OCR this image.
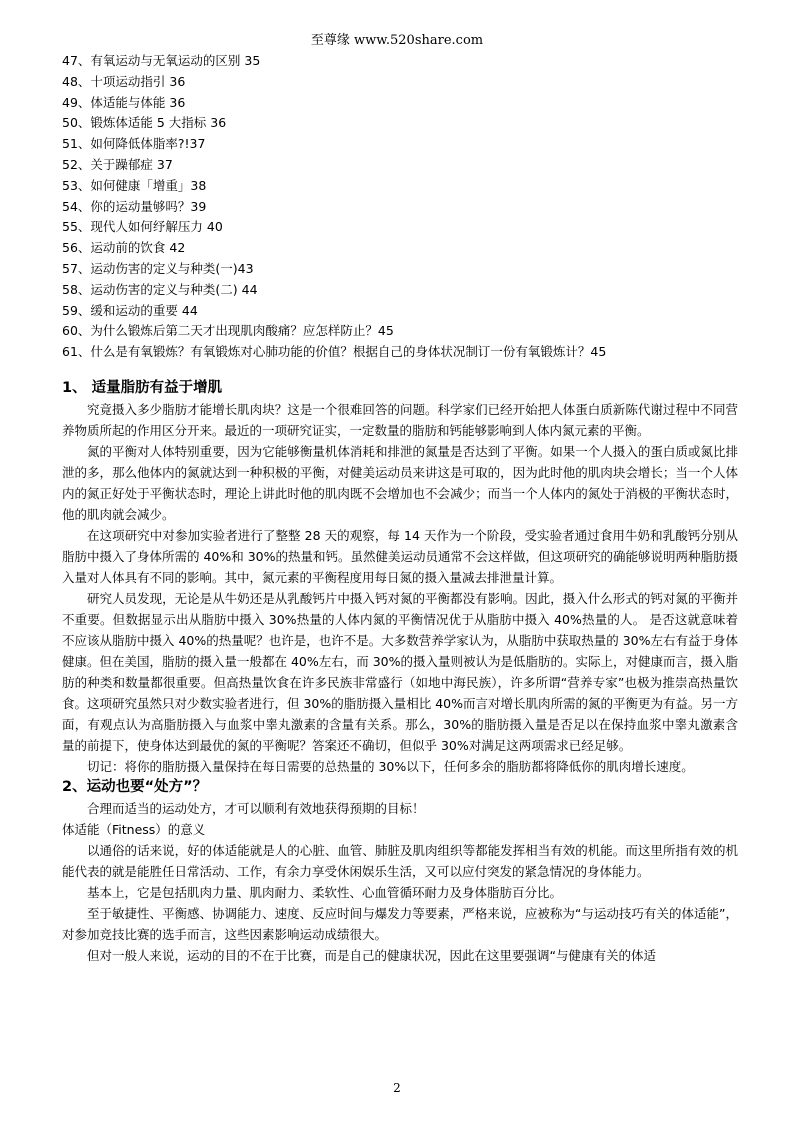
至尊缘 www.520share.com
47、有氧运动与无氧运动的区别 35
48、十项运动指引 36
49、体适能与体能 36
50、锻炼体适能 5 大指标 36
51、如何降低体脂率?!37
52、关于躁郁症 37
53、如何健康「增重」38
54、你的运动量够吗？39
55、现代人如何纾解压力 40
56、运动前的饮食 42
57、运动伤害的定义与种类(一)43
58、运动伤害的定义与种类(二) 44
59、缓和运动的重要 44
60、为什么锻炼后第二天才出现肌肉酸痛？应怎样防止？45
61、什么是有氧锻炼？有氧锻炼对心肺功能的价值？根据自己的身体状况制订一份有氧锻炼计？45
1、 适量脂肪有益于增肌

究竟摄入多少脂肪才能增长肌肉块？这是一个很难回答的问题。科学家们已经开始把人体蛋白质新陈代谢过程中不同营养物质所起的作用区分开来。最近的一项研究证实，一定数量的脂肪和钙能够影响到人体内氮元素的平衡。

氮的平衡对人体特别重要，因为它能够衡量机体消耗和排泄的氮量是否达到了平衡。如果一个人摄入的蛋白质或氮比排泄的多，那么他体内的氮就达到一种积极的平衡，对健美运动员来讲这是可取的，因为此时他的肌肉块会增长；当一个人体内的氮正好处于平衡状态时，理论上讲此时他的肌肉既不会增加也不会减少；而当一个人体内的氮处于消极的平衡状态时，他的肌肉就会减少。

在这项研究中对参加实验者进行了整整 28 天的观察，每 14 天作为一个阶段，受实验者通过食用牛奶和乳酸钙分别从脂肪中摄入了身体所需的 40%和 30%的热量和钙。虽然健美运动员通常不会这样做，但这项研究的确能够说明两种脂肪摄入量对人体具有不同的影响。其中，氮元素的平衡程度用每日氮的摄入量减去排泄量计算。

研究人员发现，无论是从牛奶还是从乳酸钙片中摄入钙对氮的平衡都没有影响。因此，摄入什么形式的钙对氮的平衡并不重要。但数据显示出从脂肪中摄入 30%热量的人体内氮的平衡情况优于从脂肪中摄入 40%热量的人。 是否这就意味着不应该从脂肪中摄入 40%的热量呢？也许是，也许不是。大多数营养学家认为，从脂肪中获取热量的 30%左右有益于身体健康。但在美国，脂肪的摄入量一般都在 40%左右，而 30%的摄入量则被认为是低脂肪的。实际上，对健康而言，摄入脂肪的种类和数量都很重要。但高热量饮食在许多民族非常盛行（如地中海民族），许多所谓“营养专家”也极为推崇高热量饮食。这项研究虽然只对少数实验者进行，但 30%的脂肪摄入量相比 40%而言对增长肌肉所需的氮的平衡更为有益。另一方面，有观点认为高脂肪摄入与血浆中睾丸激素的含量有关系。那么，30%的脂肪摄入量是否足以在保持血浆中睾丸激素含量的前提下，使身体达到最优的氮的平衡呢？答案还不确切，但似乎 30%对满足这两项需求已经足够。

切记：将你的脂肪摄入量保持在每日需要的总热量的 30%以下，任何多余的脂肪都将降低你的肌肉增长速度。

2、运动也要“处方”？

合理而适当的运动处方，才可以顺利有效地获得预期的目标！

体适能（Fitness）的意义

以通俗的话来说，好的体适能就是人的心脏、血管、肺脏及肌肉组织等都能发挥相当有效的机能。而这里所指有效的机能代表的就是能胜任日常活动、工作，有余力享受休闲娱乐生活，又可以应付突发的紧急情况的身体能力。

基本上，它是包括肌肉力量、肌肉耐力、柔软性、心血管循环耐力及身体脂肪百分比。

至于敏捷性、平衡感、协调能力、速度、反应时间与爆发力等要素，严格来说，应被称为“与运动技巧有关的体适能”，对参加竞技比赛的选手而言，这些因素影响运动成绩很大。

但对一般人来说，运动的目的不在于比赛，而是自己的健康状况，因此在这里要强调“与健康有关的体适

2
